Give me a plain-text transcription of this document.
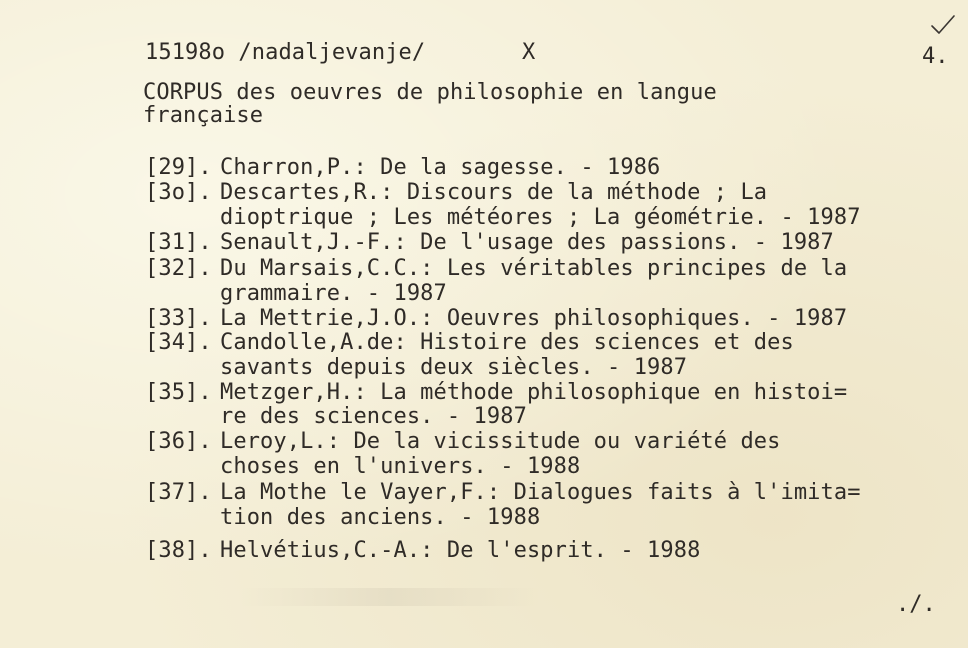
15198o /nadaljevanje/	X	4.
CORPUS des oeuvres de philosophie en langue
française
[29]. Charron,P.: De la sagesse. - 1986
[3o]. Descartes,R.: Discours de la méthode ; La
dioptrique ; Les météores ; La géométrie. - 1987
[31]. Senault,J.-F.: De l'usage des passions. - 1987
[32]. Du Marsais,C.C.: Les véritables principes de la
grammaire. - 1987
[33]. La Mettrie,J.O.: Oeuvres philosophiques. - 1987
[34]. Candolle,A.de: Histoire des sciences et des
savants depuis deux siècles. - 1987
[35]. Metzger,H.: La méthode philosophique en histoi=
re des sciences. - 1987
[36]. Leroy,L.: De la vicissitude ou variété des
choses en l'univers. - 1988
[37]. La Mothe le Vayer,F.: Dialogues faits à l'imita=
tion des anciens. - 1988
[38]. Helvétius,C.-A.: De l'esprit. - 1988
./.
